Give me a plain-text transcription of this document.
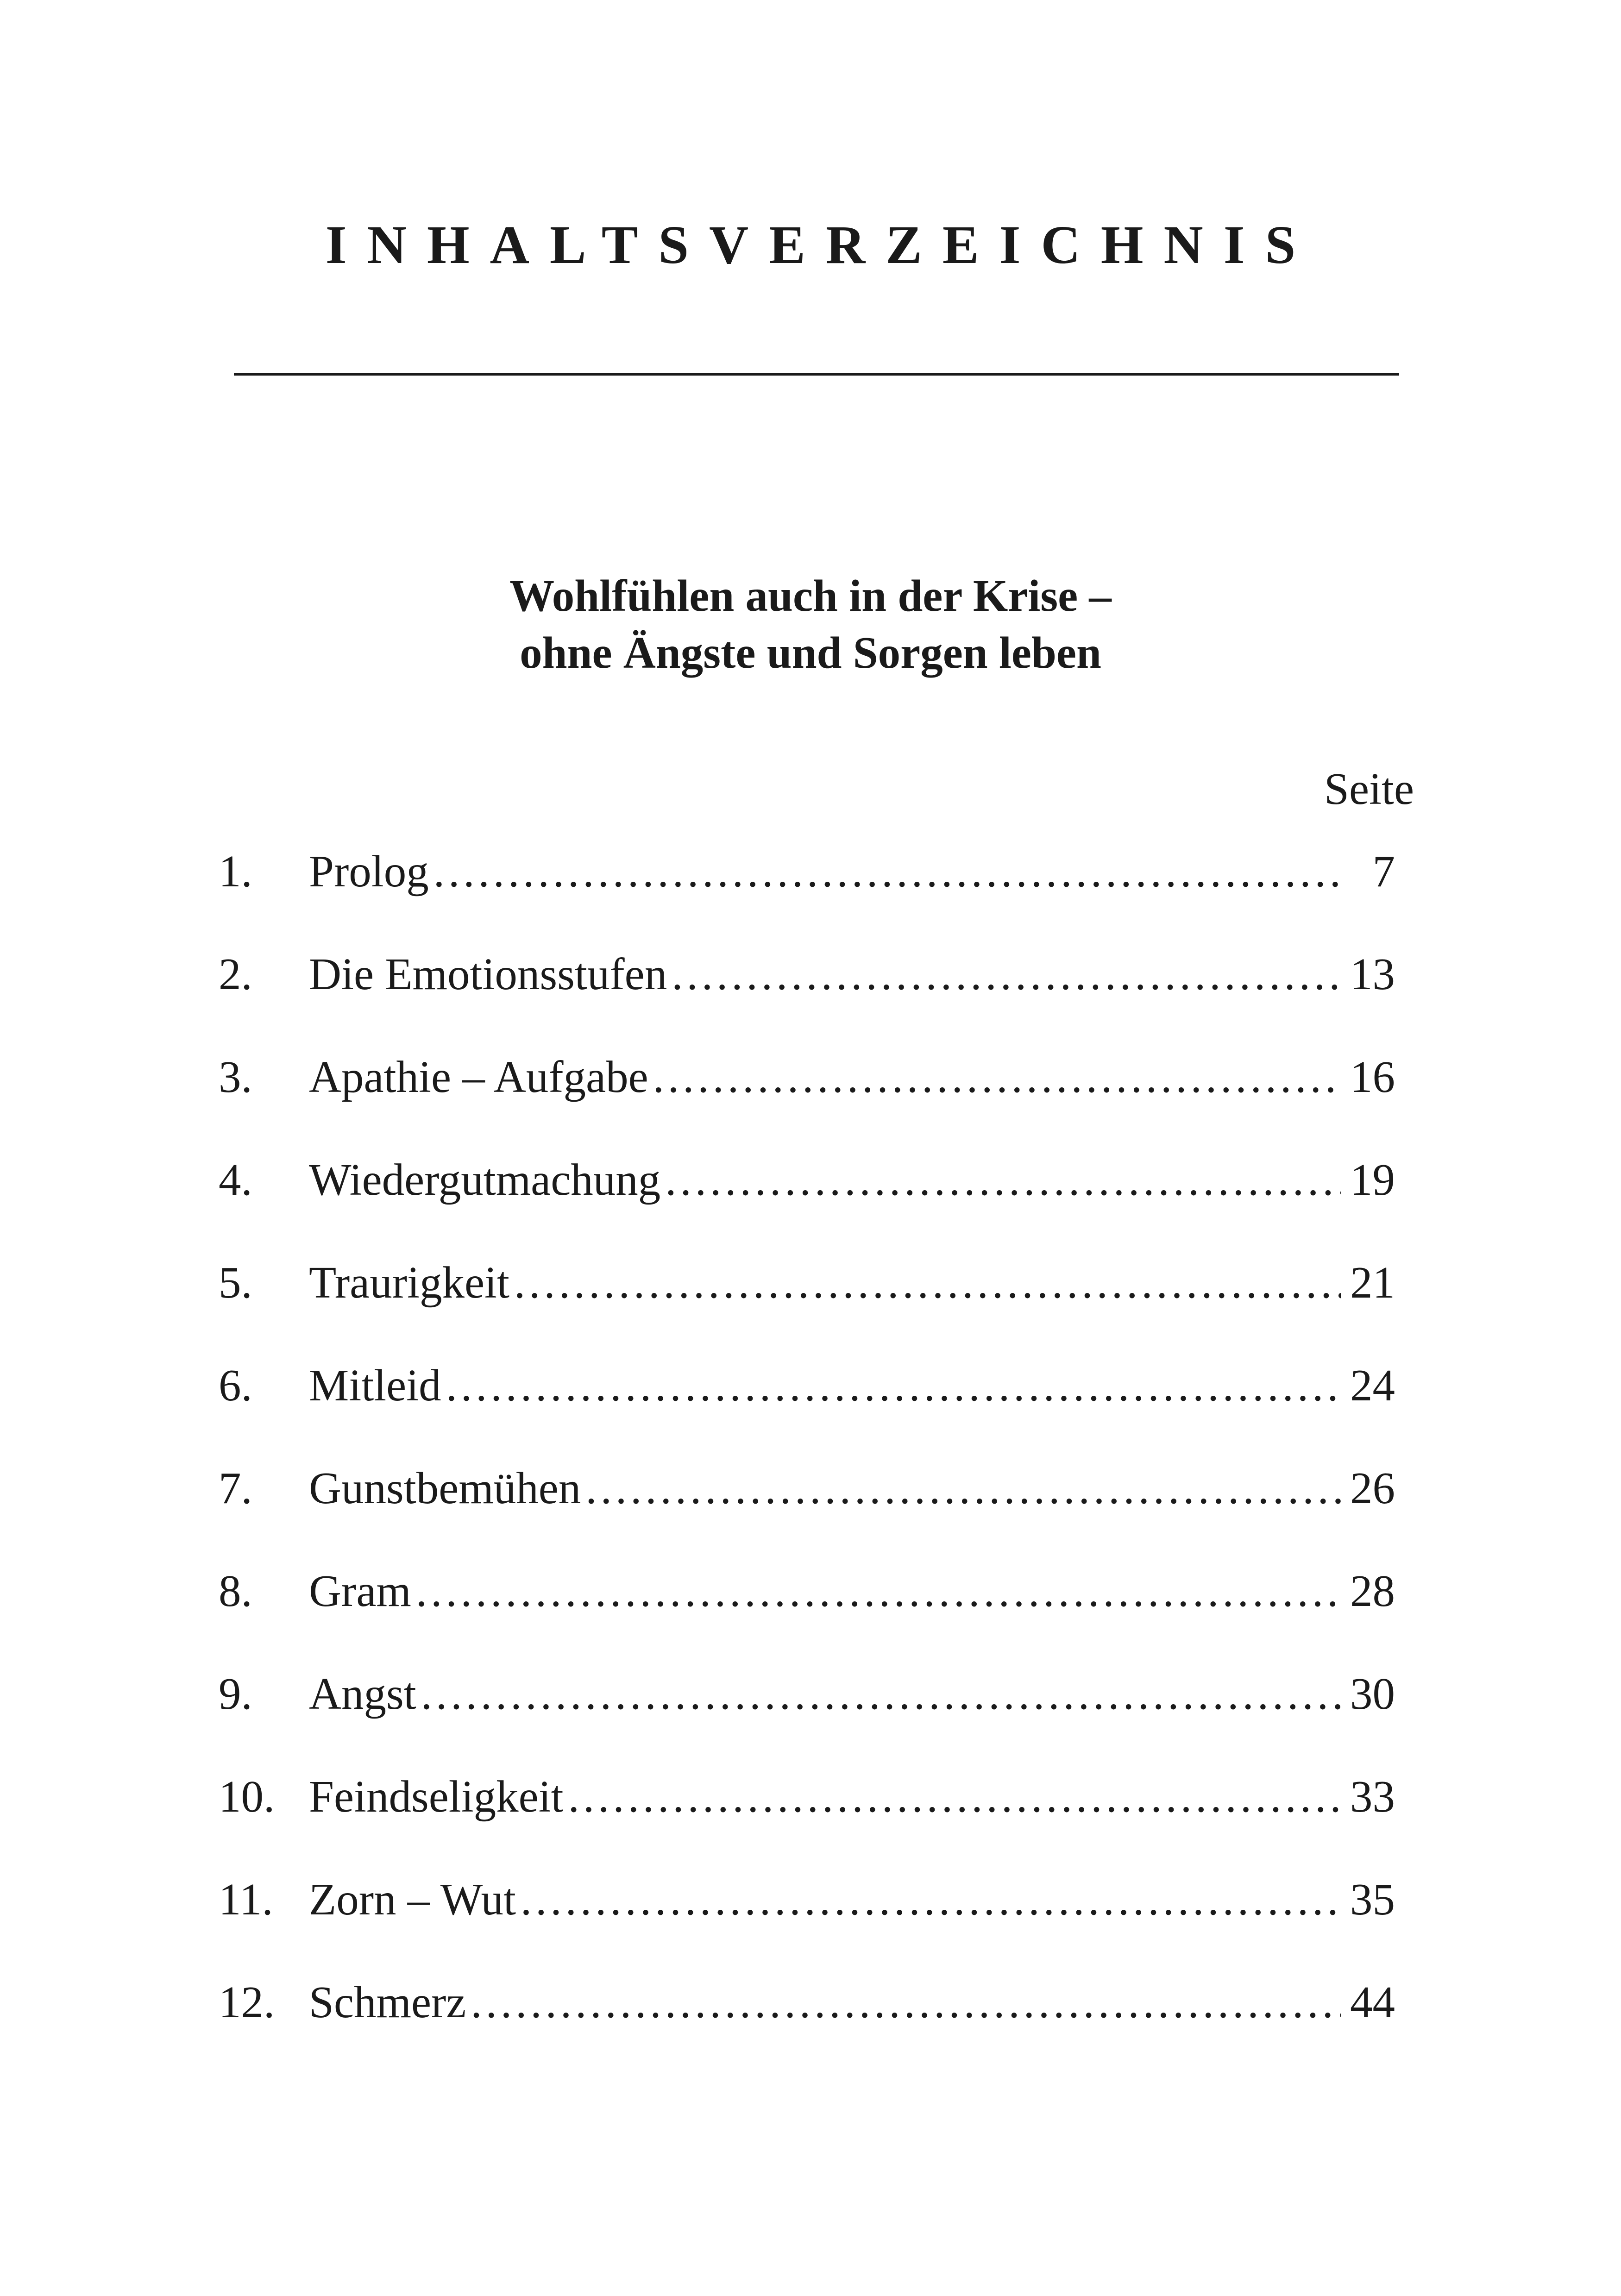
INHALTSVERZEICHNIS
Wohlfühlen auch in der Krise –
ohne Ängste und Sorgen leben
Seite
1.	Prolog .....	7
2.	Die Emotionsstufen .....	13
3.	Apathie – Aufgabe .....	16
4.	Wiedergutmachung .....	19
5.	Traurigkeit .....	21
6.	Mitleid .....	24
7.	Gunstbemühen .....	26
8.	Gram .....	28
9.	Angst .....	30
10. Feindseligkeit .....	33
11. Zorn – Wut .....	35
12. Schmerz .....	44
